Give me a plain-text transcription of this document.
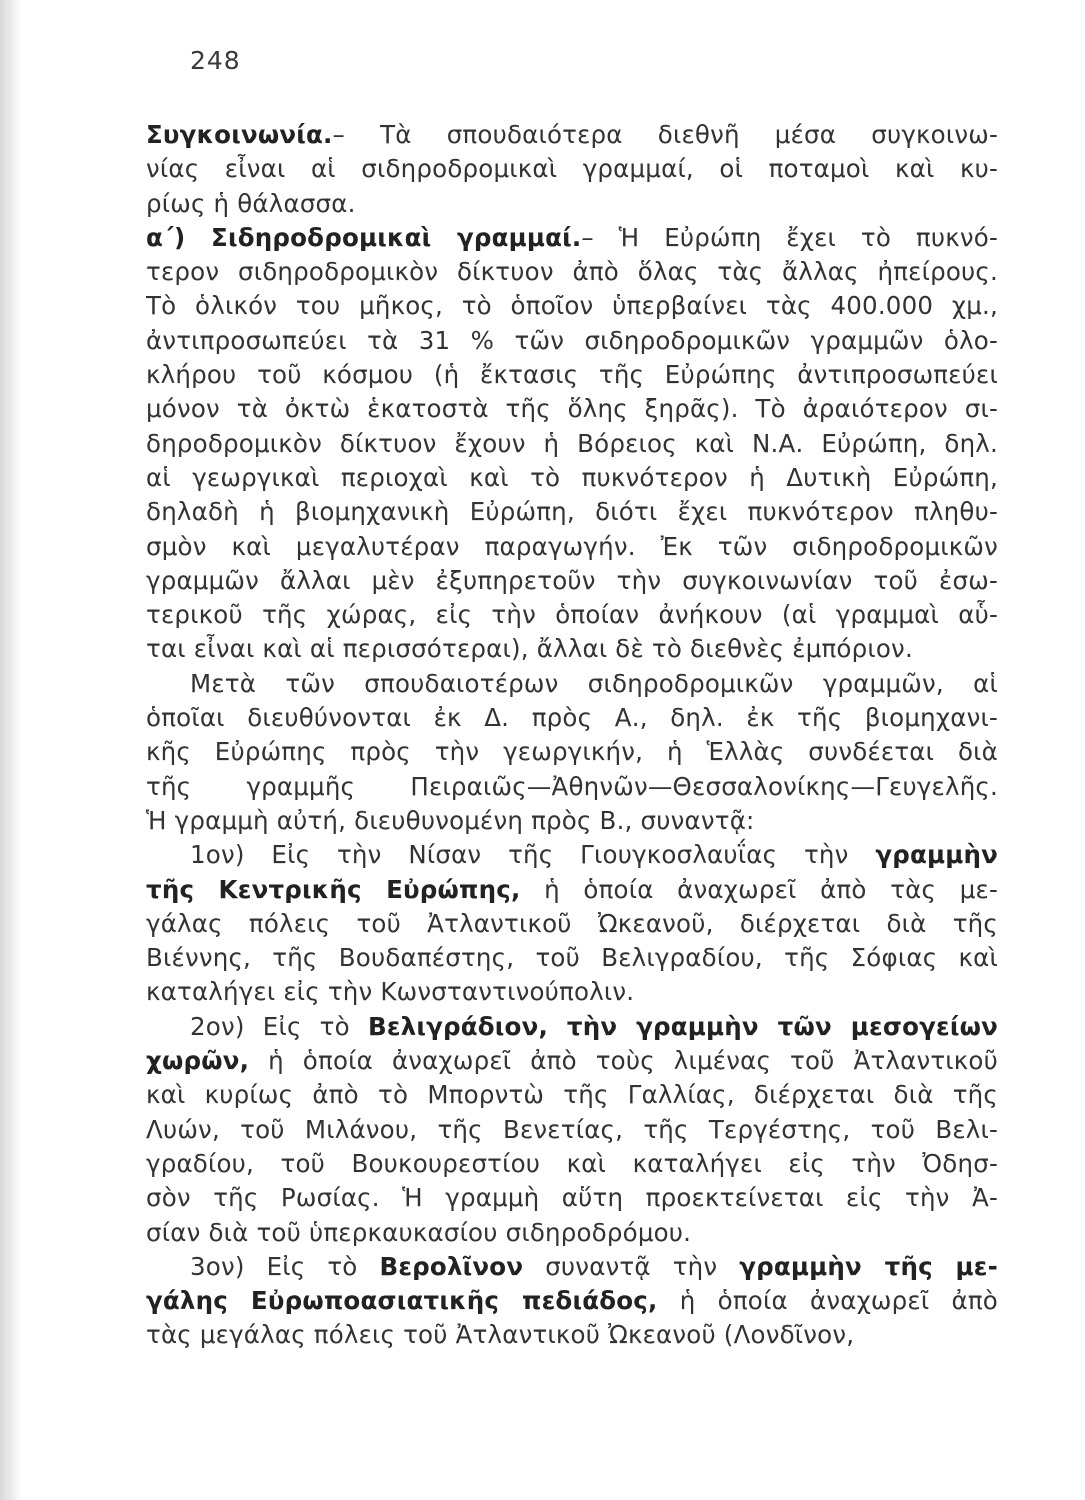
248
Συγκοινωνία.– Τὰ σπουδαιότερα διεθνῆ μέσα συγκοινω-
νίας εἶναι αἱ σιδηροδρομικαὶ γραμμαί, οἱ ποταμοὶ καὶ κυ-
ρίως ἡ θάλασσα.
α΄) Σιδηροδρομικαὶ γραμμαί.– Ἡ Εὐρώπη ἔχει τὸ πυκνό-
τερον σιδηροδρομικὸν δίκτυον ἀπὸ ὅλας τὰς ἄλλας ἠπείρους.
Τὸ ὁλικόν του μῆκος, τὸ ὁποῖον ὑπερβαίνει τὰς 400.000 χμ.,
ἀντιπροσωπεύει τὰ 31 % τῶν σιδηροδρομικῶν γραμμῶν ὁλο-
κλήρου τοῦ κόσμου (ἡ ἔκτασις τῆς Εὐρώπης ἀντιπροσωπεύει
μόνον τὰ ὀκτὼ ἑκατοστὰ τῆς ὅλης ξηρᾶς). Τὸ ἀραιότερον σι-
δηροδρομικὸν δίκτυον ἔχουν ἡ Βόρειος καὶ Ν.Α. Εὐρώπη, δηλ.
αἱ γεωργικαὶ περιοχαὶ καὶ τὸ πυκνότερον ἡ Δυτικὴ Εὐρώπη,
δηλαδὴ ἡ βιομηχανικὴ Εὐρώπη, διότι ἔχει πυκνότερον πληθυ-
σμὸν καὶ μεγαλυτέραν παραγωγήν. Ἐκ τῶν σιδηροδρομικῶν
γραμμῶν ἄλλαι μὲν ἐξυπηρετοῦν τὴν συγκοινωνίαν τοῦ ἐσω-
τερικοῦ τῆς χώρας, εἰς τὴν ὁποίαν ἀνήκουν (αἱ γραμμαὶ αὗ-
ται εἶναι καὶ αἱ περισσότεραι), ἄλλαι δὲ τὸ διεθνὲς ἐμπόριον.
Μετὰ τῶν σπουδαιοτέρων σιδηροδρομικῶν γραμμῶν, αἱ
ὁποῖαι διευθύνονται ἐκ Δ. πρὸς Α., δηλ. ἐκ τῆς βιομηχανι-
κῆς Εὐρώπης πρὸς τὴν γεωργικήν, ἡ Ἑλλὰς συνδέεται διὰ
τῆς γραμμῆς Πειραιῶς—Ἀθηνῶν—Θεσσαλονίκης—Γευγελῆς.
Ἡ γραμμὴ αὐτή, διευθυνομένη πρὸς Β., συναντᾷ:
1ον) Εἰς τὴν Νίσαν τῆς Γιουγκοσλαυΐας τὴν γραμμὴν
τῆς Κεντρικῆς Εὐρώπης, ἡ ὁποία ἀναχωρεῖ ἀπὸ τὰς με-
γάλας πόλεις τοῦ Ἀτλαντικοῦ Ὠκεανοῦ, διέρχεται διὰ τῆς
Βιέννης, τῆς Βουδαπέστης, τοῦ Βελιγραδίου, τῆς Σόφιας καὶ
καταλήγει εἰς τὴν Κωνσταντινούπολιν.
2ον) Εἰς τὸ Βελιγράδιον, τὴν γραμμὴν τῶν μεσογείων
χωρῶν, ἡ ὁποία ἀναχωρεῖ ἀπὸ τοὺς λιμένας τοῦ Ἀτλαντικοῦ
καὶ κυρίως ἀπὸ τὸ Μπορντὼ τῆς Γαλλίας, διέρχεται διὰ τῆς
Λυών, τοῦ Μιλάνου, τῆς Βενετίας, τῆς Τεργέστης, τοῦ Βελι-
γραδίου, τοῦ Βουκουρεστίου καὶ καταλήγει εἰς τὴν Ὀδησ-
σὸν τῆς Ρωσίας. Ἡ γραμμὴ αὕτη προεκτείνεται εἰς τὴν Ἀ-
σίαν διὰ τοῦ ὑπερκαυκασίου σιδηροδρόμου.
3ον) Εἰς τὸ Βερολῖνον συναντᾷ τὴν γραμμὴν τῆς με-
γάλης Εὐρωποασιατικῆς πεδιάδος, ἡ ὁποία ἀναχωρεῖ ἀπὸ
τὰς μεγάλας πόλεις τοῦ Ἀτλαντικοῦ Ὠκεανοῦ (Λονδῖνον,
